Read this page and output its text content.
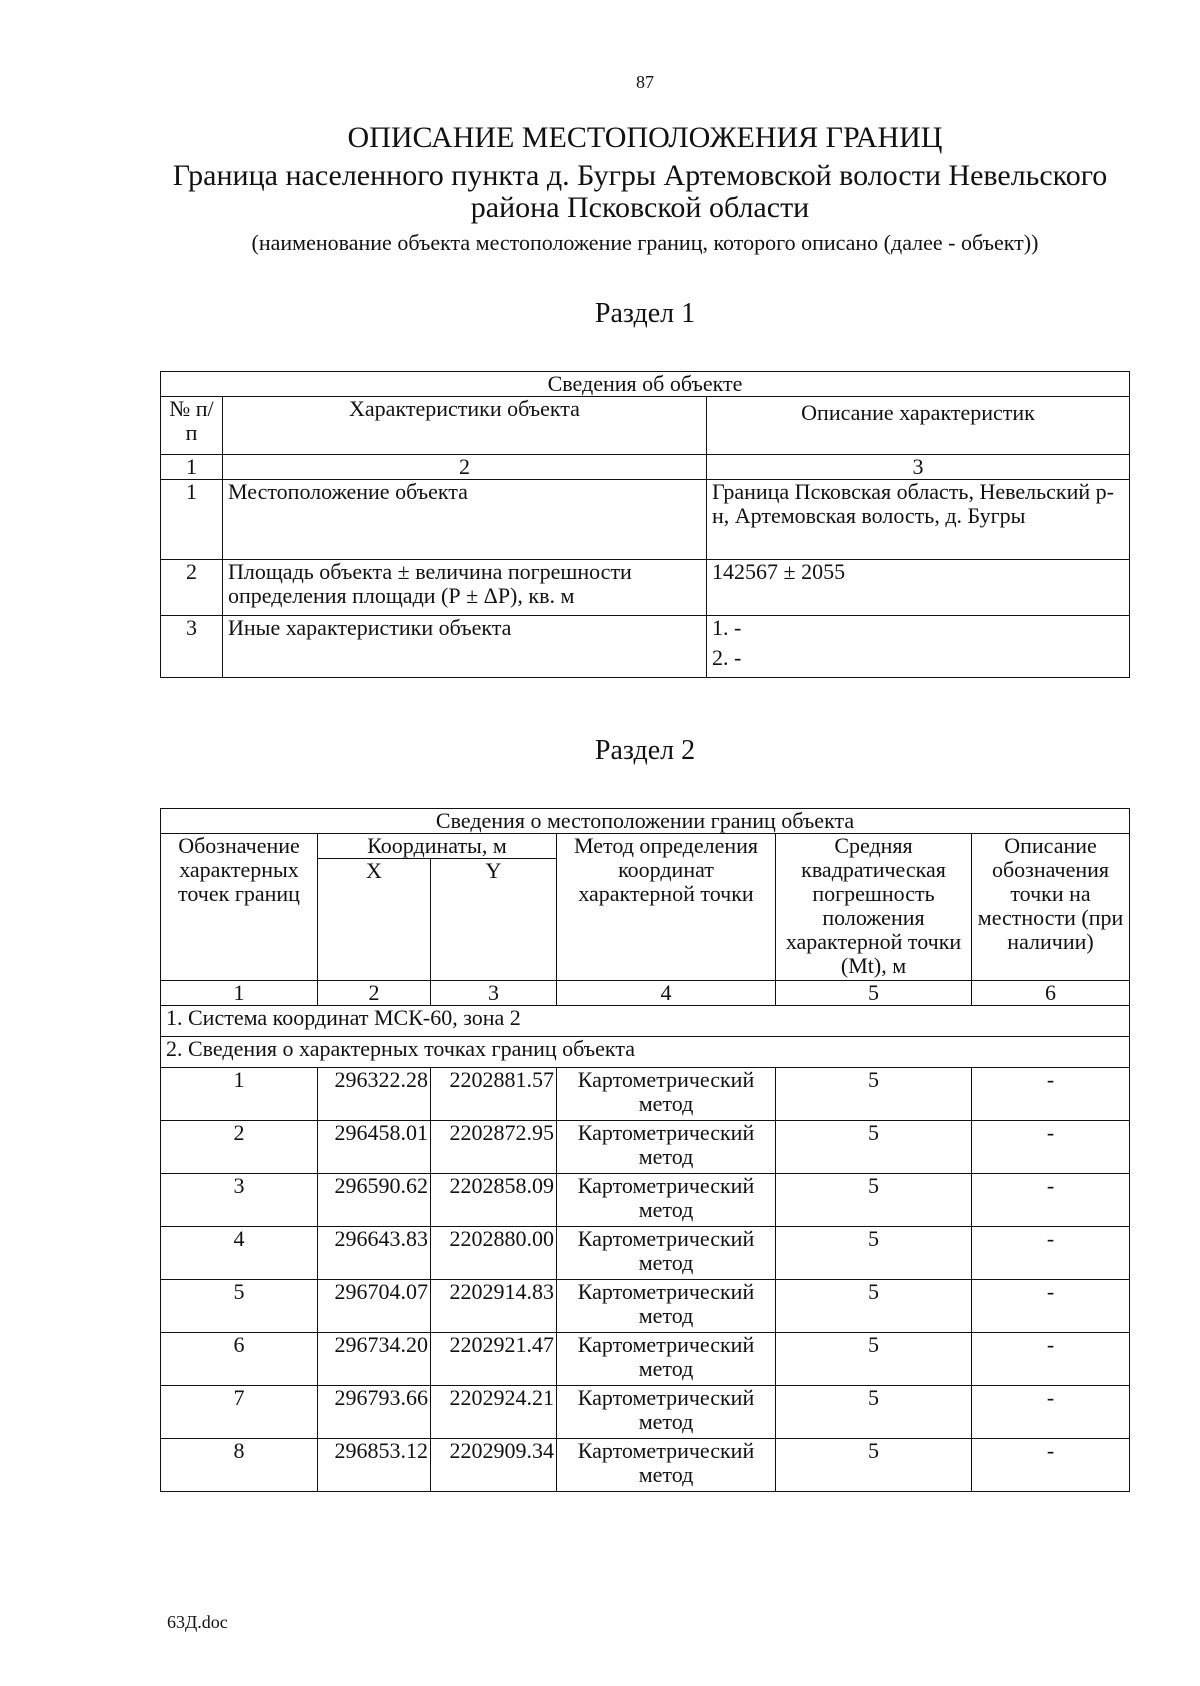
87
ОПИСАНИЕ МЕСТОПОЛОЖЕНИЯ ГРАНИЦ
Граница населенного пункта д. Бугры Артемовской волости Невельского района Псковской области
(наименование объекта местоположение границ, которого описано (далее - объект))
Раздел 1
Сведения об объекте		
№ п/п	Характеристики объекта	Описание характеристик
1	2	3
1	Местоположение объекта	Граница Псковская область, Невельский р-н, Артемовская волость, д. Бугры
2	Площадь объекта ± величина погрешности определения площади (Р ± ΔР), кв. м	142567 ± 2055
3	Иные характеристики объекта	1. -
2. -
Раздел 2
Сведения о местоположении границ объекта					
Обозначение характерных точек границ	Координаты, м		Метод определения координат характерной точки	Средняя квадратическая погрешность положения характерной точки (Mt), м	Описание обозначения точки на местности (при наличии)
	X	Y			
1	2	3	4	5	6
1. Система координат МСК-60, зона 2					
2. Сведения о характерных точках границ объекта					
1	296322.28	2202881.57	Картометрический метод	5	-
2	296458.01	2202872.95	Картометрический метод	5	-
3	296590.62	2202858.09	Картометрический метод	5	-
4	296643.83	2202880.00	Картометрический метод	5	-
5	296704.07	2202914.83	Картометрический метод	5	-
6	296734.20	2202921.47	Картометрический метод	5	-
7	296793.66	2202924.21	Картометрический метод	5	-
8	296853.12	2202909.34	Картометрический метод	5	-
63Д.doc
